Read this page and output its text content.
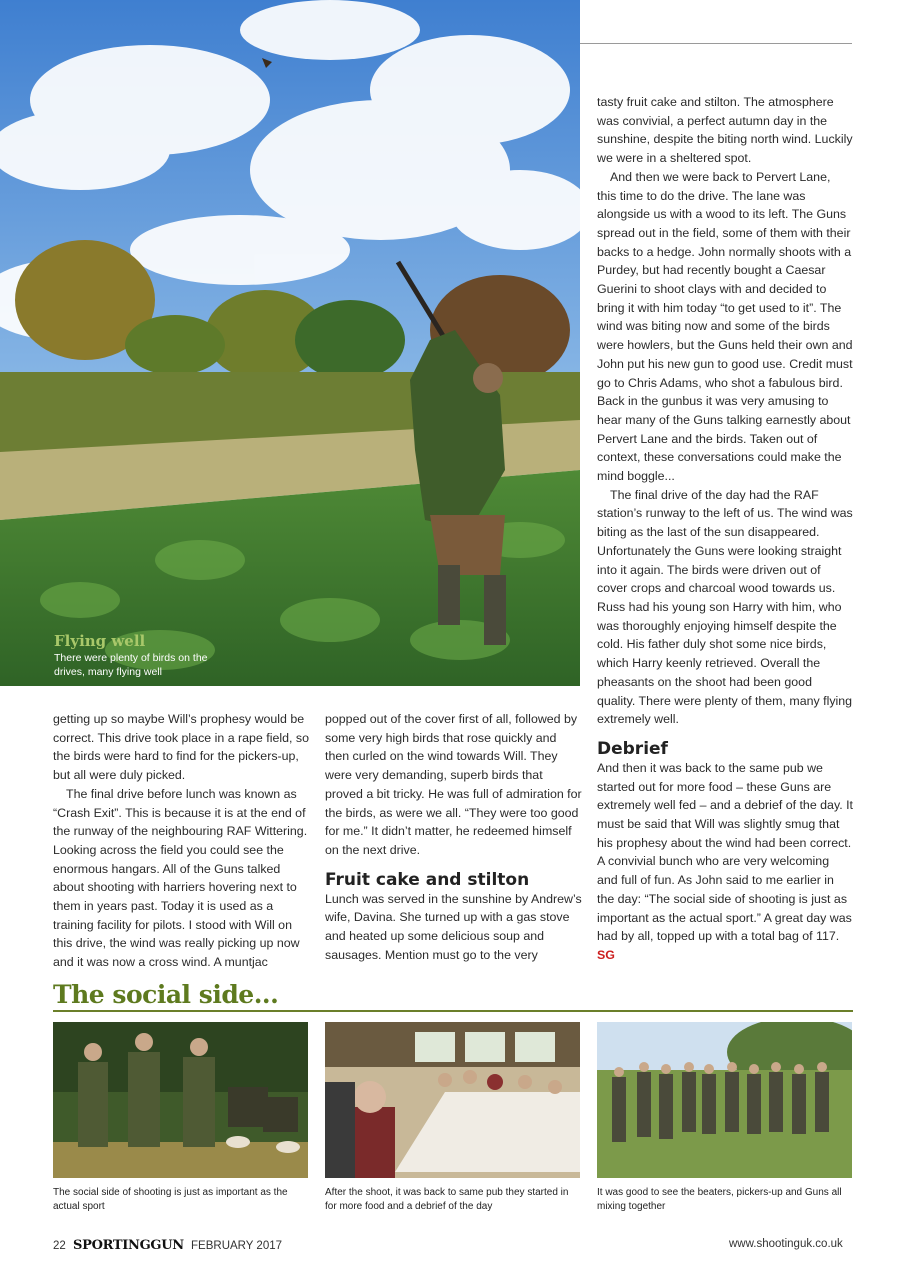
Flying well
There were plenty of birds on the drives, many flying well

getting up so maybe Will’s prophesy would be correct. This drive took place in a rape field, so the birds were hard to find for the pickers-up, but all were duly picked.

The final drive before lunch was known as “Crash Exit”. This is because it is at the end of the runway of the neighbouring RAF Wittering. Looking across the field you could see the enormous hangars. All of the Guns talked about shooting with harriers hovering next to them in years past. Today it is used as a training facility for pilots. I stood with Will on this drive, the wind was really picking up now and it was now a cross wind. A muntjac

popped out of the cover first of all, followed by some very high birds that rose quickly and then curled on the wind towards Will. They were very demanding, superb birds that proved a bit tricky. He was full of admiration for the birds, as were we all. “They were too good for me.” It didn’t matter, he redeemed himself on the next drive.

Fruit cake and stilton

Lunch was served in the sunshine by Andrew’s wife, Davina. She turned up with a gas stove and heated up some delicious soup and sausages. Mention must go to the very

tasty fruit cake and stilton. The atmosphere was convivial, a perfect autumn day in the sunshine, despite the biting north wind. Luckily we were in a sheltered spot.

And then we were back to Pervert Lane, this time to do the drive. The lane was alongside us with a wood to its left. The Guns spread out in the field, some of them with their backs to a hedge. John normally shoots with a Purdey, but had recently bought a Caesar Guerini to shoot clays with and decided to bring it with him today “to get used to it”. The wind was biting now and some of the birds were howlers, but the Guns held their own and John put his new gun to good use. Credit must go to Chris Adams, who shot a fabulous bird. Back in the gunbus it was very amusing to hear many of the Guns talking earnestly about Pervert Lane and the birds. Taken out of context, these conversations could make the mind boggle...

The final drive of the day had the RAF station’s runway to the left of us. The wind was biting as the last of the sun disappeared. Unfortunately the Guns were looking straight into it again. The birds were driven out of cover crops and charcoal wood towards us. Russ had his young son Harry with him, who was thoroughly enjoying himself despite the cold. His father duly shot some nice birds, which Harry keenly retrieved. Overall the pheasants on the shoot had been good quality. There were plenty of them, many flying extremely well.

Debrief

And then it was back to the same pub we started out for more food – these Guns are extremely well fed – and a debrief of the day. It must be said that Will was slightly smug that his prophesy about the wind had been correct. A convivial bunch who are very welcoming and full of fun. As John said to me earlier in the day: “The social side of shooting is just as important as the actual sport.” A great day was had by all, topped up with a total bag of 117. SG

The social side...
The social side of shooting is just as important as the actual sport
After the shoot, it was back to same pub they started in for more food and a debrief of the day
It was good to see the beaters, pickers-up and Guns all mixing together
22 SPORTINGGUN FEBRUARY 2017	www.shootinguk.co.uk
